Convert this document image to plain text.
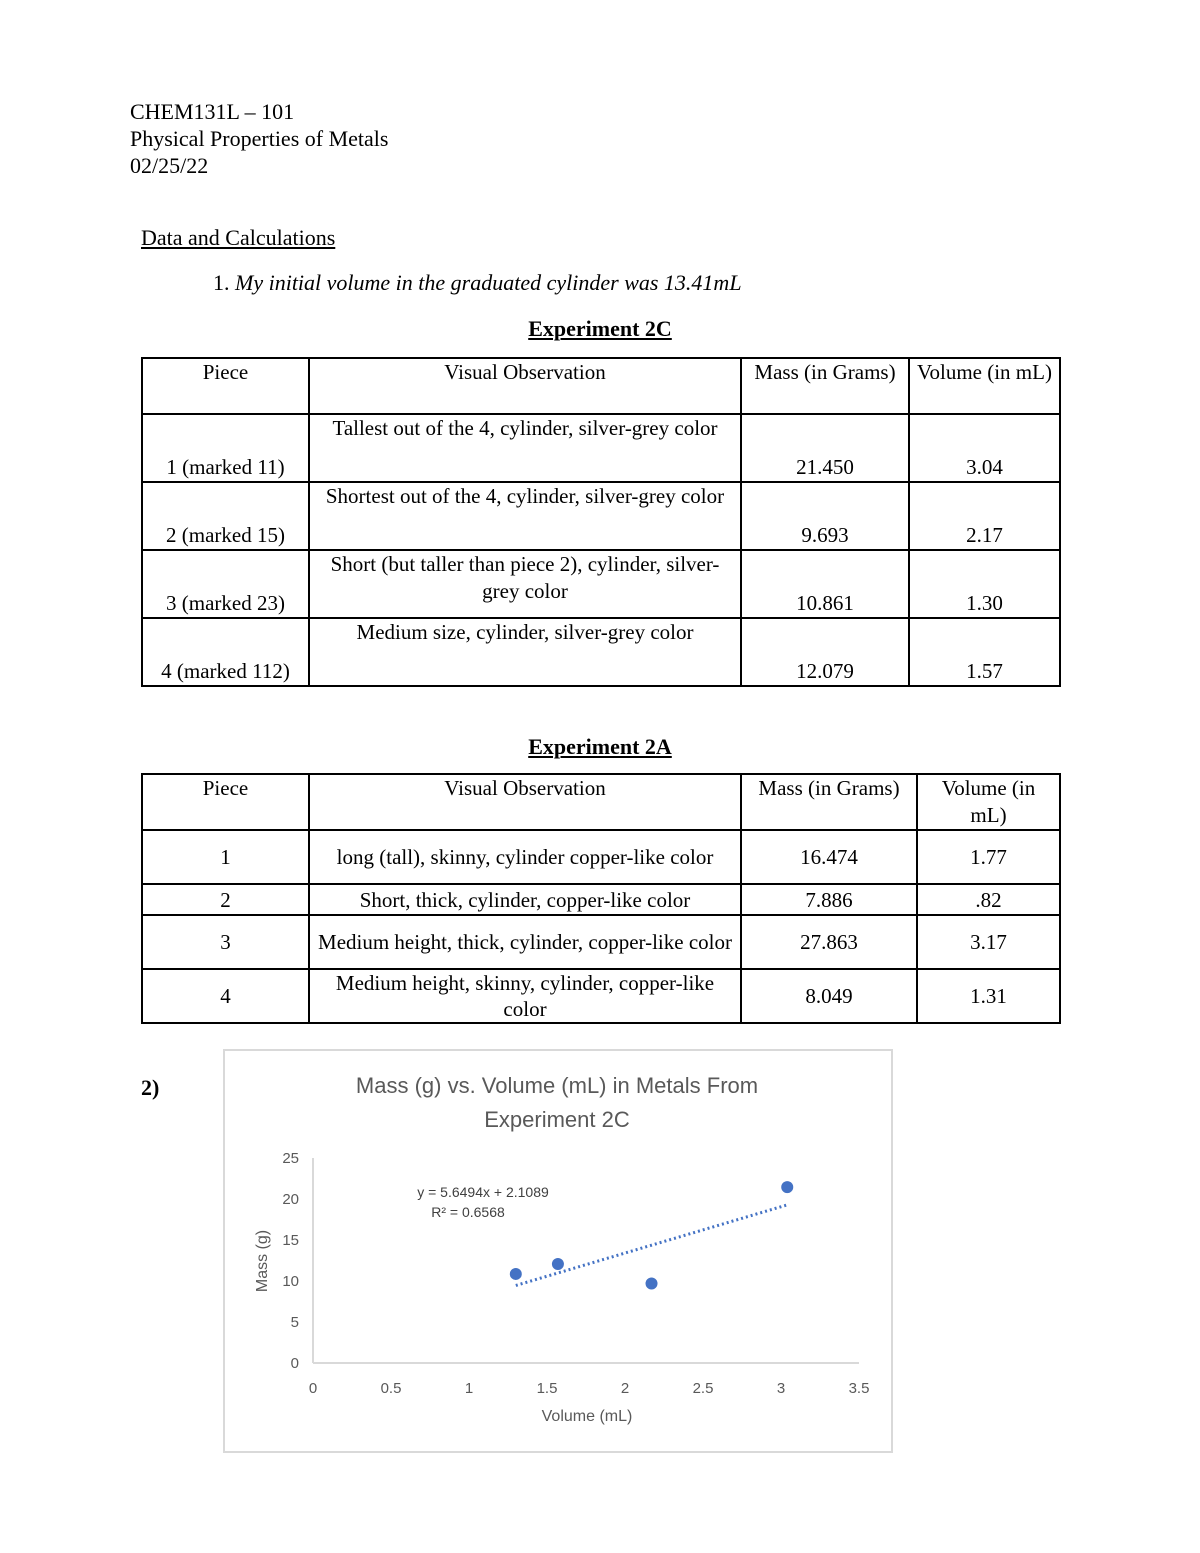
CHEM131L – 101
Physical Properties of Metals
02/25/22
Data and Calculations
1. My initial volume in the graduated cylinder was 13.41mL
Experiment 2C
Piece	Visual Observation	Mass (in Grams)	Volume (in mL)
1 (marked 11)	Tallest out of the 4, cylinder, silver-grey color	21.450	3.04
2 (marked 15)	Shortest out of the 4, cylinder, silver-grey color	9.693	2.17
3 (marked 23)	Short (but taller than piece 2), cylinder, silver-grey color	10.861	1.30
4 (marked 112)	Medium size, cylinder, silver-grey color	12.079	1.57
Experiment 2A
Piece	Visual Observation	Mass (in Grams)	Volume (in mL)
1	long (tall), skinny, cylinder copper-like color	16.474	1.77
2	Short, thick, cylinder, copper-like color	7.886	.82
3	Medium height, thick, cylinder, copper-like color	27.863	3.17
4	Medium height, skinny, cylinder, copper-like color	8.049	1.31
2)	Mass (g) vs. Volume (mL) in Metals From
Experiment 2C
0	0.5	1	1.5	2	2.5	3	3.5
0
5
10
15
20
25
y = 5.6494x + 2.1089
R² = 0.6568
Volume (mL)
Mass (g)
